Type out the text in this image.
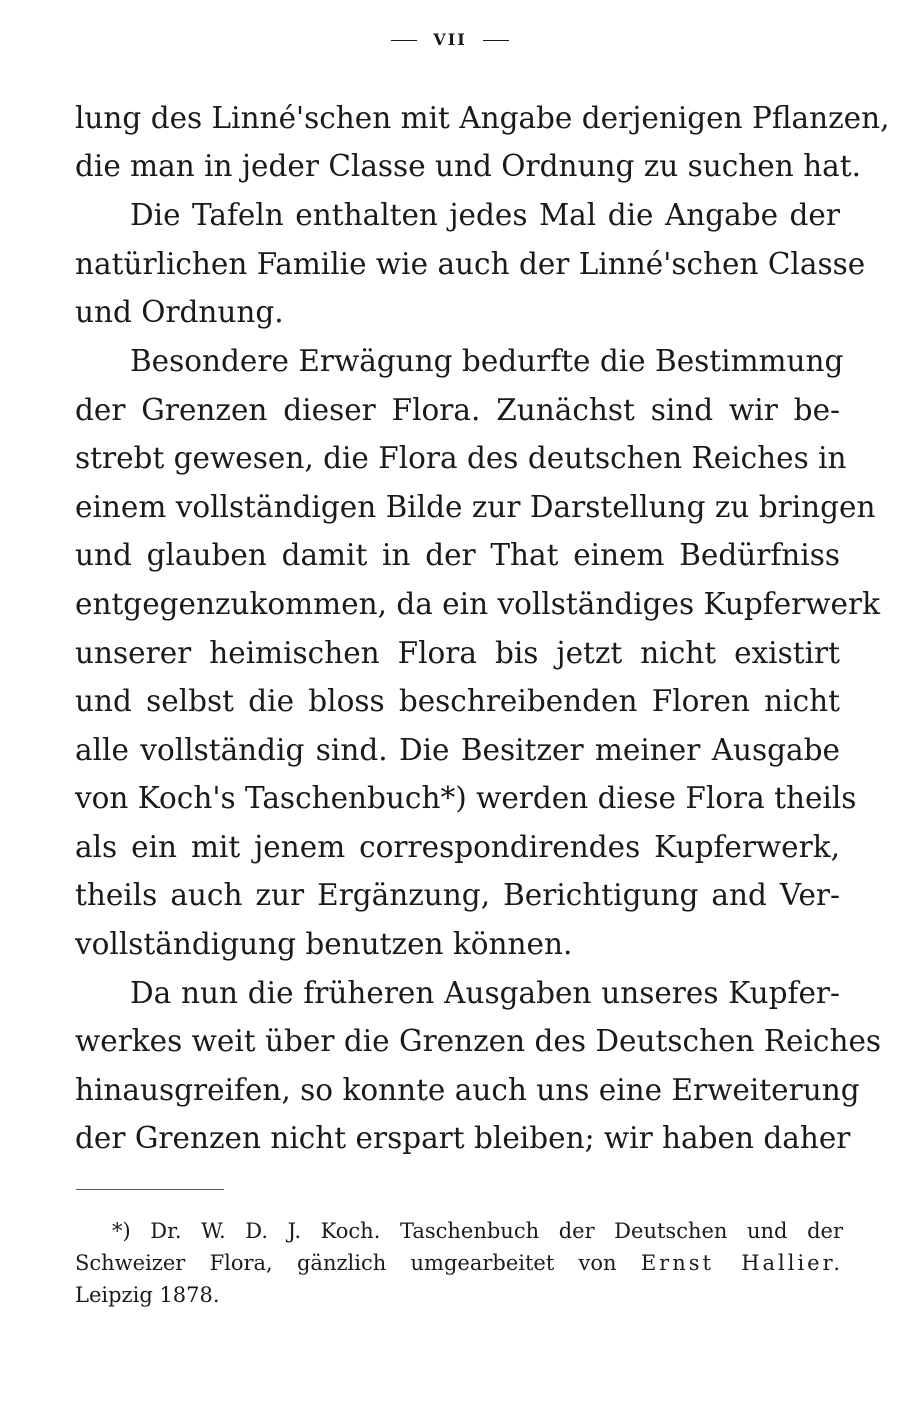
VII
lung des Linné'schen mit Angabe derjenigen Pflanzen,
die man in jeder Classe und Ordnung zu suchen hat.
Die Tafeln enthalten jedes Mal die Angabe der
natürlichen Familie wie auch der Linné'schen Classe
und Ordnung.
Besondere Erwägung bedurfte die Bestimmung
der Grenzen dieser Flora. Zunächst sind wir be-
strebt gewesen, die Flora des deutschen Reiches in
einem vollständigen Bilde zur Darstellung zu bringen
und glauben damit in der That einem Bedürfniss
entgegenzukommen, da ein vollständiges Kupferwerk
unserer heimischen Flora bis jetzt nicht existirt
und selbst die bloss beschreibenden Floren nicht
alle vollständig sind. Die Besitzer meiner Ausgabe
von Koch's Taschenbuch*) werden diese Flora theils
als ein mit jenem correspondirendes Kupferwerk,
theils auch zur Ergänzung, Berichtigung and Ver-
vollständigung benutzen können.
Da nun die früheren Ausgaben unseres Kupfer-
werkes weit über die Grenzen des Deutschen Reiches
hinausgreifen, so konnte auch uns eine Erweiterung
der Grenzen nicht erspart bleiben; wir haben daher
*) Dr. W. D. J. Koch. Taschenbuch der Deutschen und der
Schweizer Flora, gänzlich umgearbeitet von Ernst Hallier.
Leipzig 1878.
